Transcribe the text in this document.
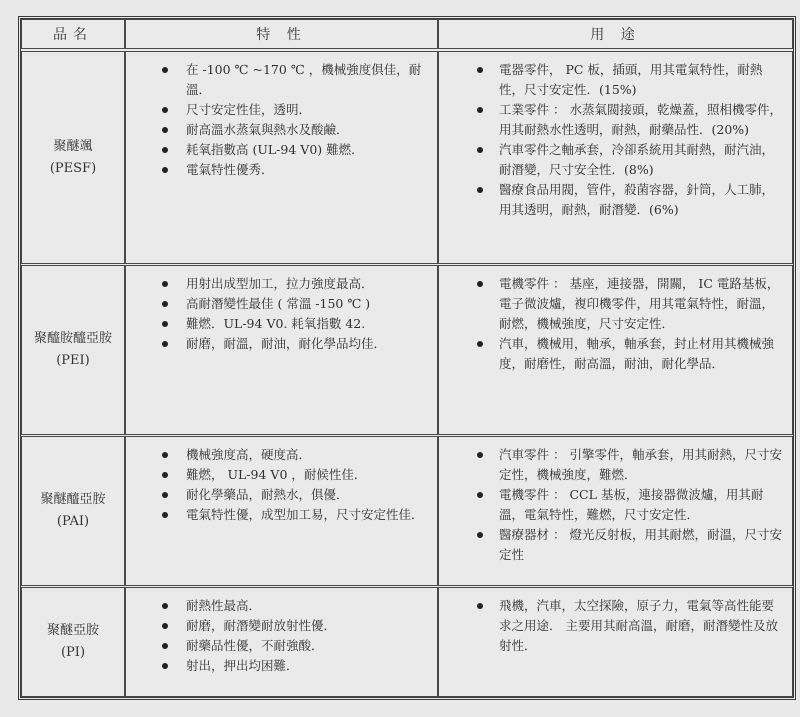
品名	特 性	用 途
聚醚颯
(PESF)
在 -100 ℃ ~170 ℃ ，機械強度俱佳，耐溫．
尺寸安定性佳，透明．
耐高溫水蒸氣與熱水及酸鹼．
耗氧指數高 (UL-94 V0) 難燃．
電氣特性優秀．
電器零件， PC 板，插頭，用其電氣特性，耐熱性，尺寸安定性．(15%)
工業零件 ： 水蒸氣閥接頭，乾燥蓋，照相機零件，用其耐熱水性透明，耐熱，耐藥品性．(20%)
汽車零件之軸承套，冷卻系統用其耐熱，耐汽油，耐潛變，尺寸安全性．(8%)
醫療食品用閥，管件，殺菌容器，針筒，人工肺，用其透明，耐熱，耐潛變．(6%)
聚醯胺醯亞胺
(PEI)
用射出成型加工，拉力強度最高．
高耐潛變性最佳 ( 常溫 -150 ℃ )
難燃．UL-94 V0. 耗氧指數 42.
耐磨，耐溫，耐油，耐化學品均佳．
電機零件 ： 基座，連接器，開關， IC 電路基板，電子微波爐，複印機零件，用其電氣特性，耐溫，耐燃，機械強度，尺寸安定性．
汽車，機械用，軸承，軸承套，封止材用其機械強度，耐磨性，耐高溫，耐油，耐化學品．
聚醚醯亞胺
(PAI)
機械強度高，硬度高．
難燃， UL-94 V0 ，耐候性佳．
耐化學藥品，耐熱水，俱優．
電氣特性優，成型加工易，尺寸安定性佳．
汽車零件 ： 引擎零件，軸承套，用其耐熱，尺寸安定性，機械強度，難燃．
電機零件 ： CCL 基板，連接器微波爐，用其耐溫，電氣特性，難燃，尺寸安定性．
醫療器材 ： 燈光反射板，用其耐燃，耐溫，尺寸安定性
聚醚亞胺
(PI)
耐熱性最高．
耐磨，耐潛變耐放射性優．
耐藥品性優，不耐強酸．
射出，押出均困難．
飛機，汽車，太空探險，原子力，電氣等高性能要求之用途． 主要用其耐高溫，耐磨，耐潛變性及放射性．
